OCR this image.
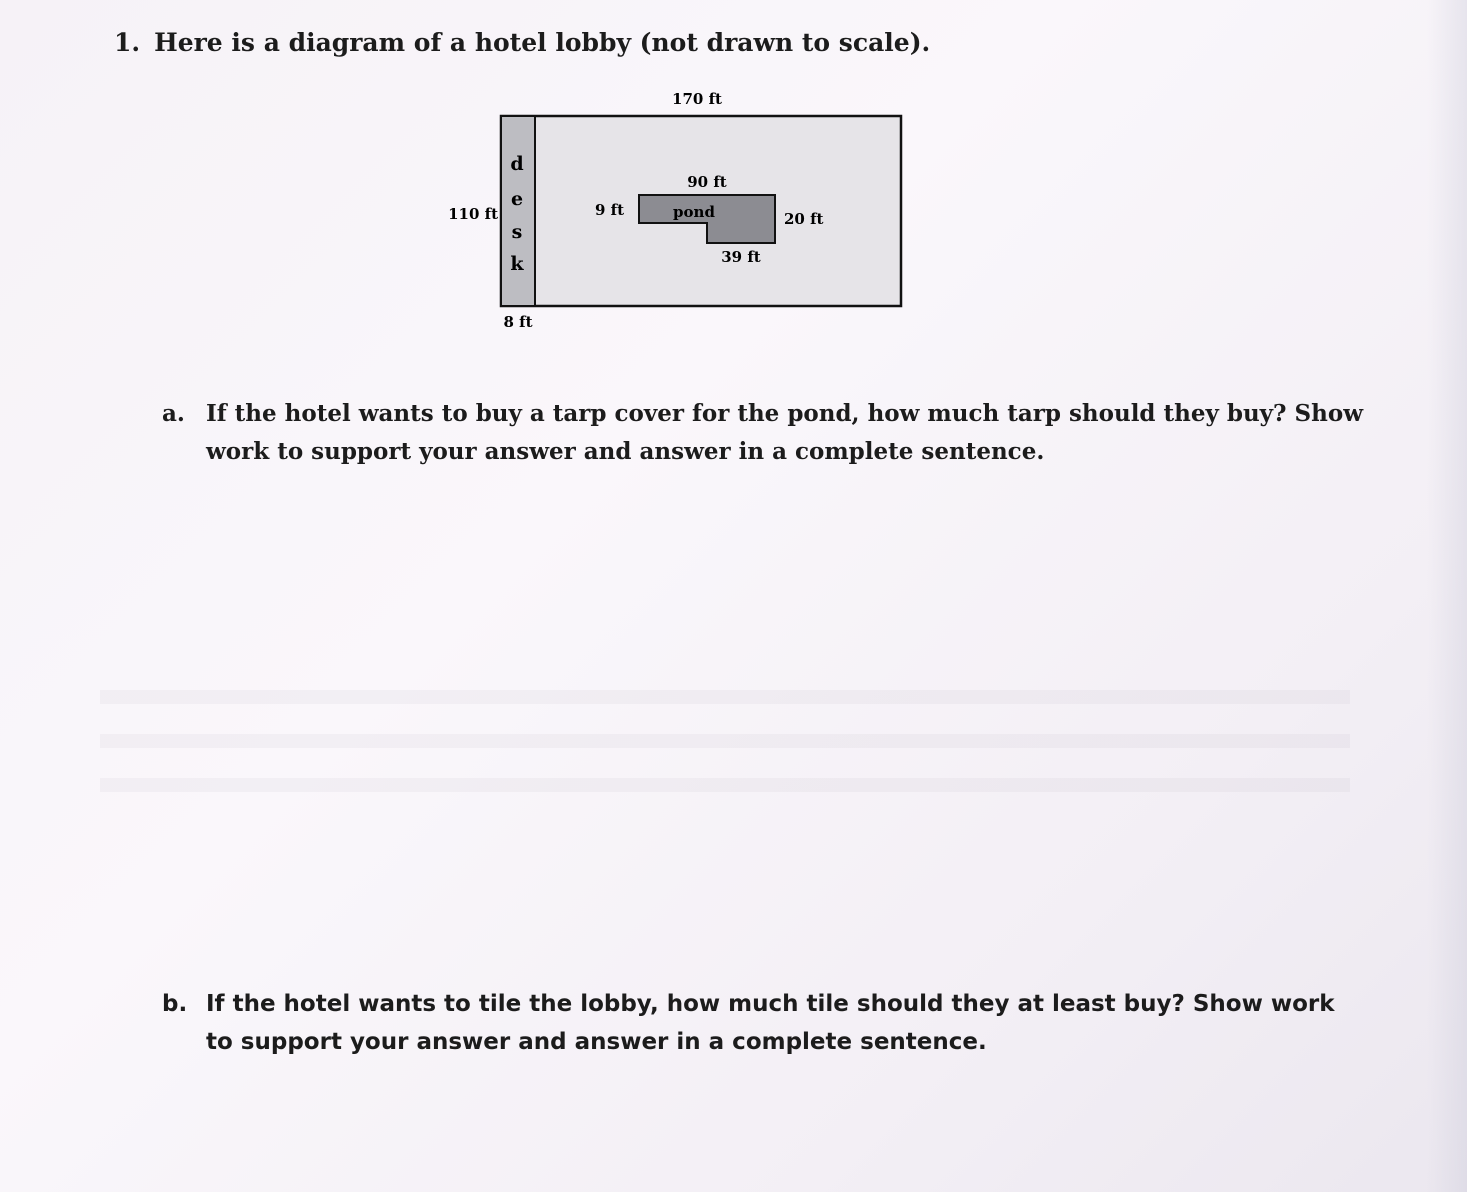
1. Here is a diagram of a hotel lobby (not drawn to scale).
170 ft
110 ft
d
e
s
k
8 ft
90 ft
9 ft	pond	20 ft
39 ft
a. If the hotel wants to buy a tarp cover for the pond, how much tarp should they buy? Show work to support your answer and answer in a complete sentence.
b. If the hotel wants to tile the lobby, how much tile should they at least buy? Show work to support your answer and answer in a complete sentence.
